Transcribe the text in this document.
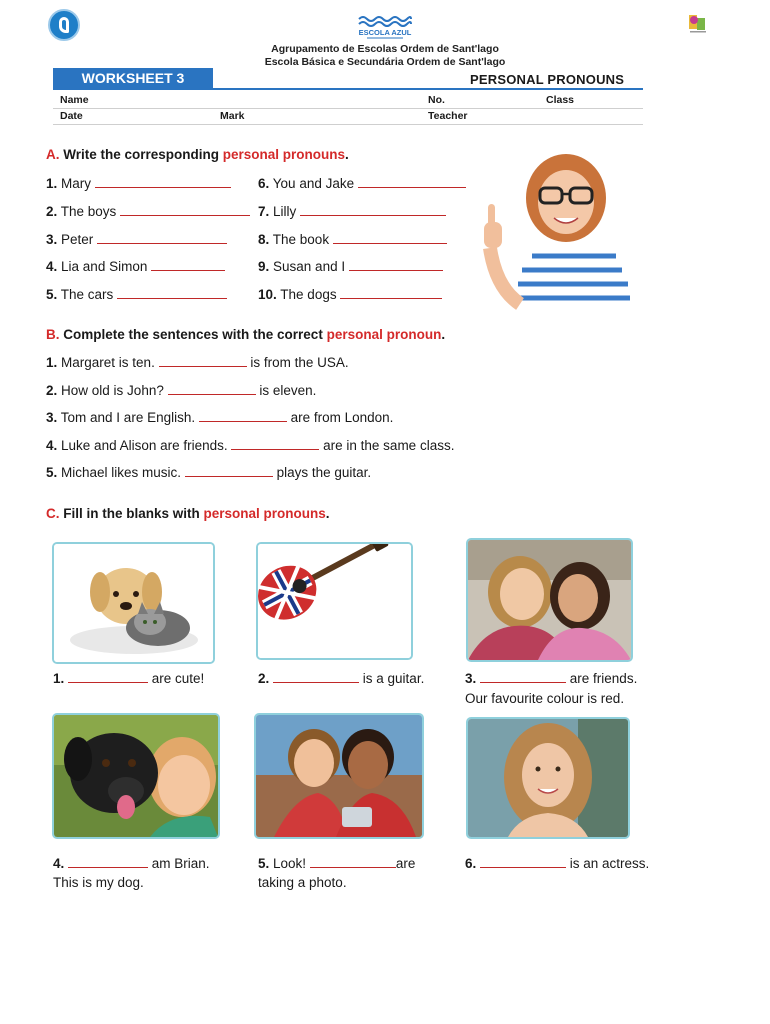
ESCOLA AZUL
Agrupamento de Escolas Ordem de Sant'lago
Escola Básica e Secundária Ordem de Sant'lago
WORKSHEET 3	PERSONAL PRONOUNS
Name	No.	Class
Date	Mark	Teacher
A. Write the corresponding personal pronouns.
1. Mary
2. The boys
3. Peter
4. Lia and Simon
5. The cars
6. You and Jake
7. Lilly
8. The book
9. Susan and I
10. The dogs
B. Complete the sentences with the correct personal pronoun.
1. Margaret is ten.	is from the USA.
2. How old is John?	is eleven.
3. Tom and I are English.	are from London.
4. Luke and Alison are friends.	are in the same class.
5. Michael likes music.	plays the guitar.
C. Fill in the blanks with personal pronouns.
1.	are cute!	2.	is a guitar.	3.	are friends.
Our favourite colour is red.
4.	am Brian.
This is my dog.
5. Look!	are
taking a photo.
6.	is an actress.
